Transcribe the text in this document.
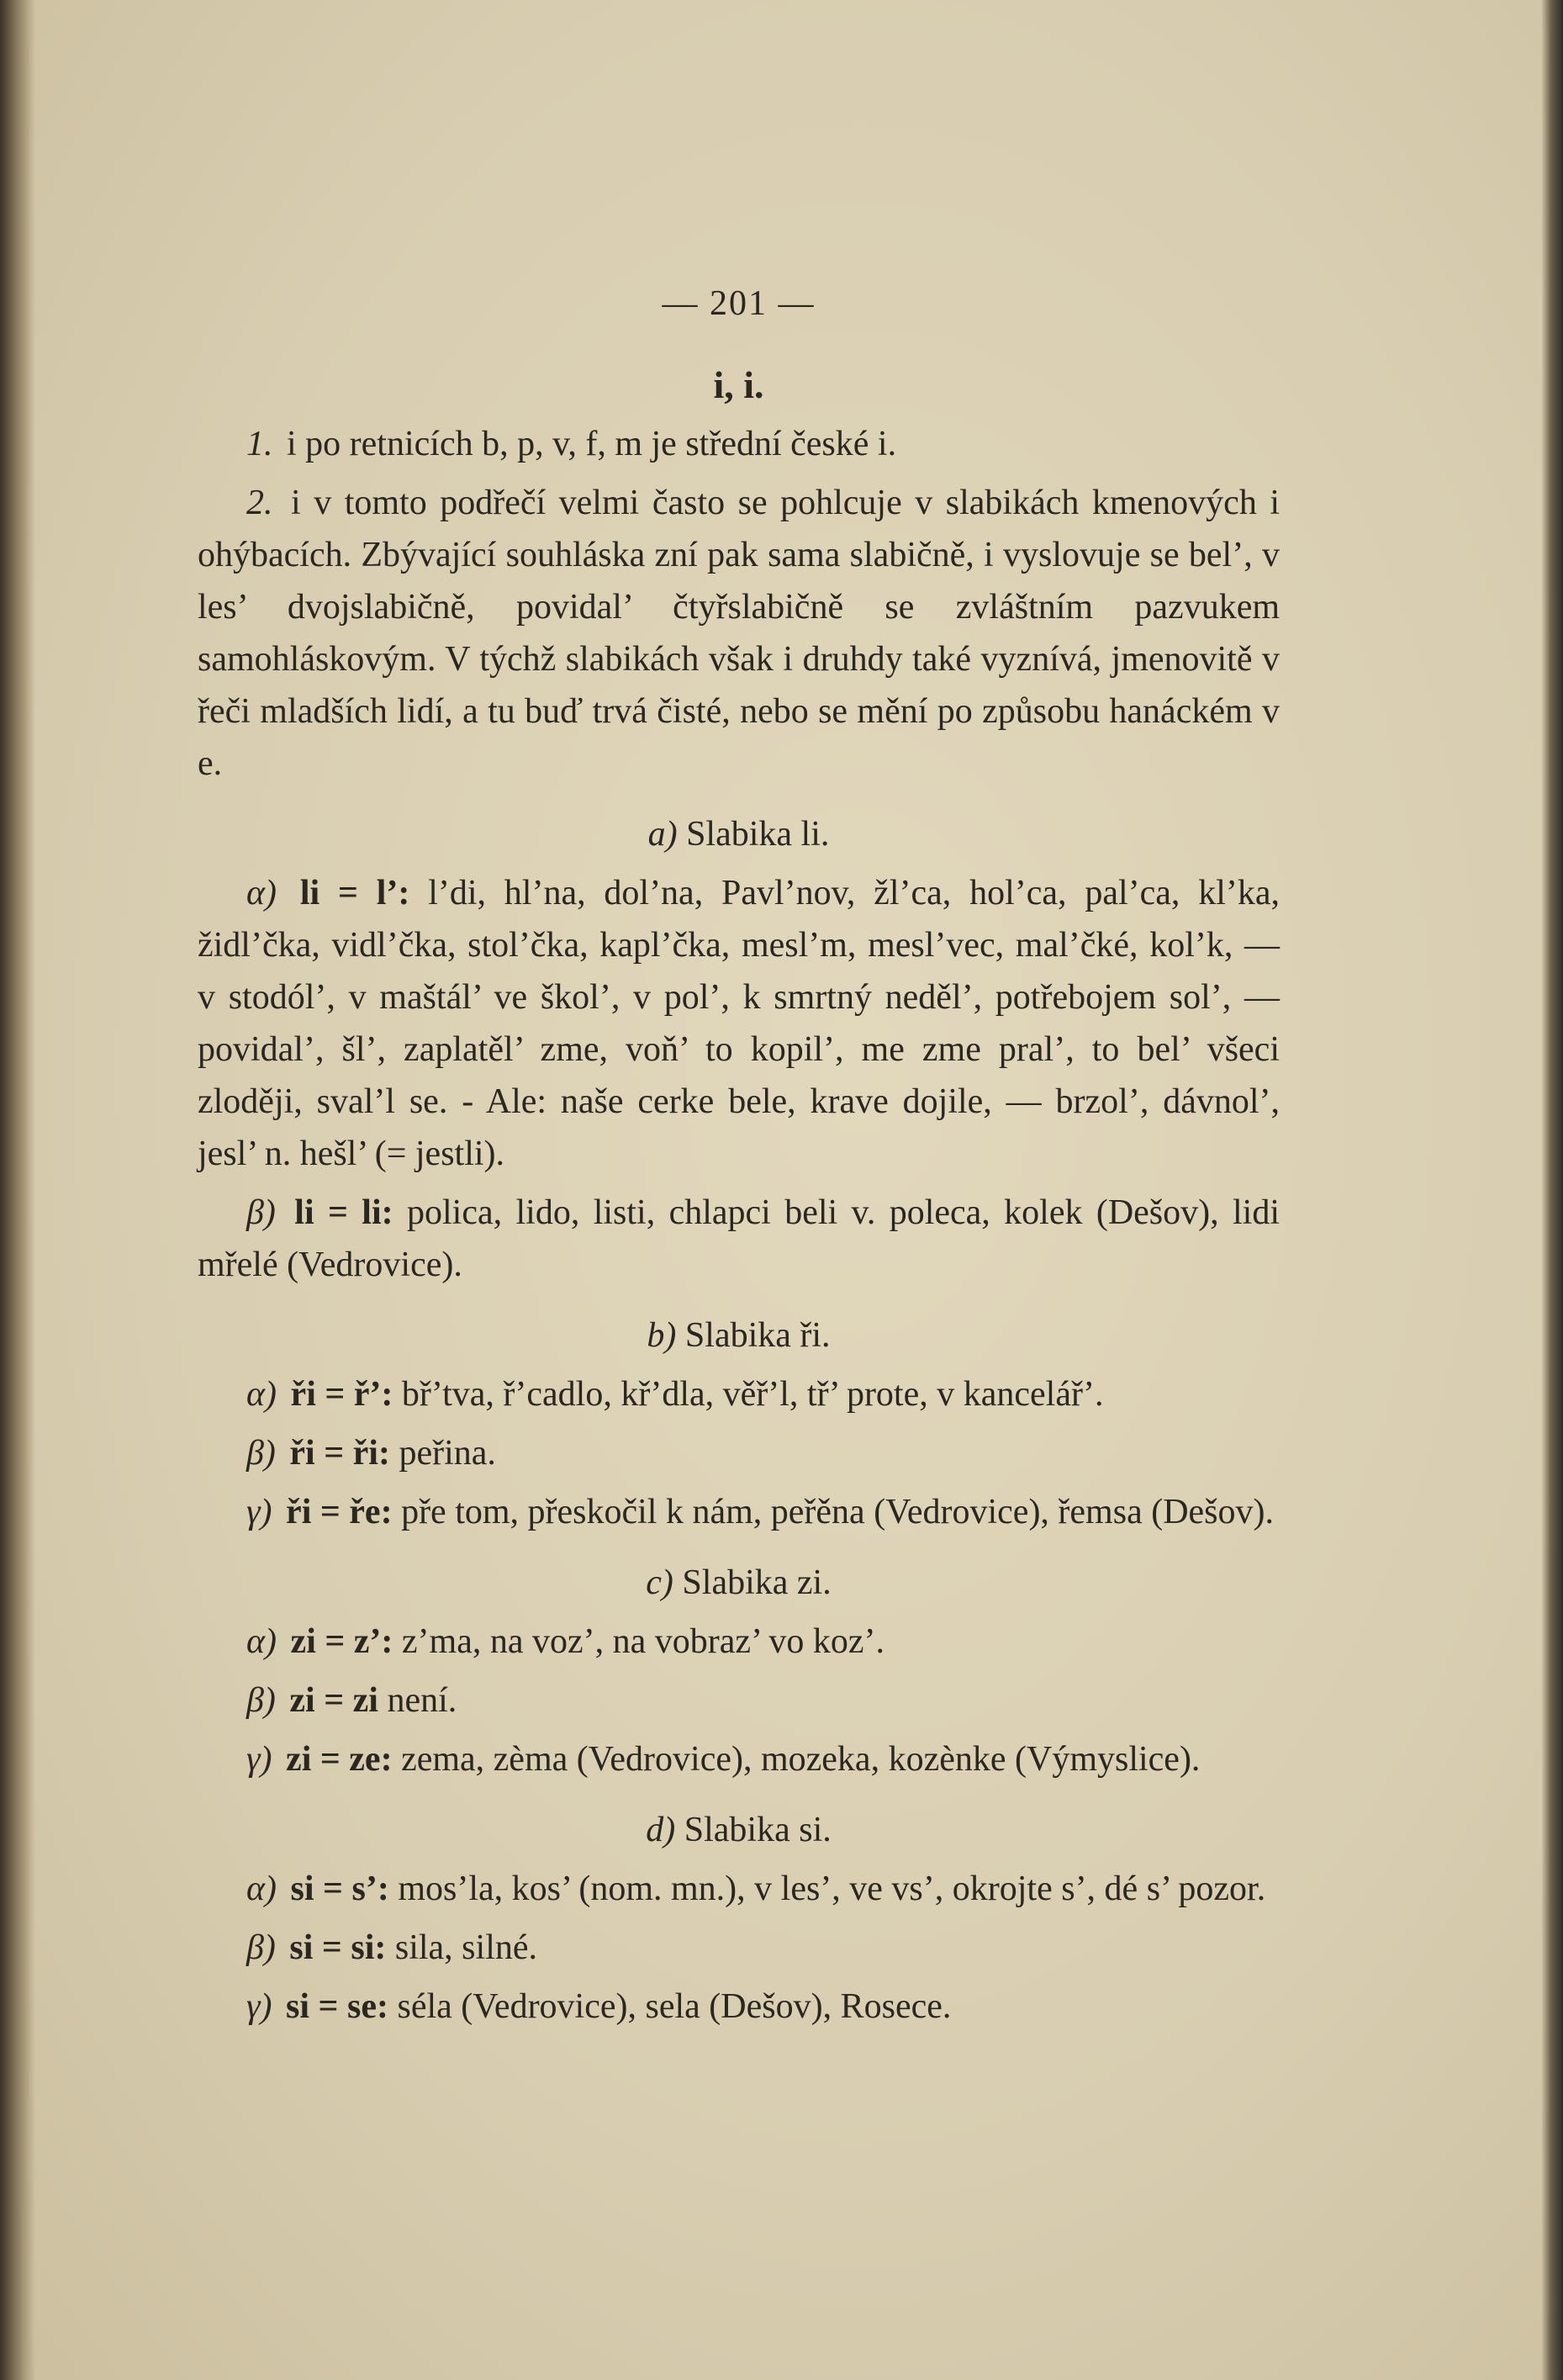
— 201 —
i, i.

1. i po retnicích b, p, v, f, m je střední české i.

2. i v tomto podřečí velmi často se pohlcuje v slabikách kmenových i ohýbacích. Zbývající souhláska zní pak sama slabičně, i vyslovuje se bel’, v les’ dvojslabičně, povidal’ čtyřslabičně se zvláštním pazvukem samohláskovým. V týchž slabikách však i druhdy také vyznívá, jmenovitě v řeči mladších lidí, a tu buď trvá čisté, nebo se mění po způsobu hanáckém v e.

a) Slabika li.

α) li = l’: l’di, hl’na, dol’na, Pavl’nov, žl’ca, hol’ca, pal’ca, kl’ka, židl’čka, vidl’čka, stol’čka, kapl’čka, mesl’m, mesl’vec, mal’čké, kol’k, — v stodól’, v maštál’ ve škol’, v pol’, k smrtný neděl’, potřebojem sol’, — povidal’, šl’, zaplatěl’ zme, voň’ to kopil’, me zme pral’, to bel’ všeci zloději, sval’l se. - Ale: naše cerke bele, krave dojile, — brzol’, dávnol’, jesl’ n. hešl’ (= jestli).

β) li = li: polica, lido, listi, chlapci beli v. poleca, kolek (Dešov), lidi mřelé (Vedrovice).

b) Slabika ři.

α) ři = ř’: bř’tva, ř’cadlo, kř’dla, věř’l, tř’ prote, v kancelář’.

β) ři = ři: peřina.

γ) ři = ře: pře tom, přeskočil k nám, peřěna (Vedrovice), řemsa (Dešov).

c) Slabika zi.

α) zi = z’: z’ma, na voz’, na vobraz’ vo koz’.

β) zi = zi není.

γ) zi = ze: zema, zèma (Vedrovice), mozeka, kozènke (Výmyslice).

d) Slabika si.

α) si = s’: mos’la, kos’ (nom. mn.), v les’, ve vs’, okrojte s’, dé s’ pozor.

β) si = si: sila, silné.

γ) si = se: séla (Vedrovice), sela (Dešov), Rosece.
